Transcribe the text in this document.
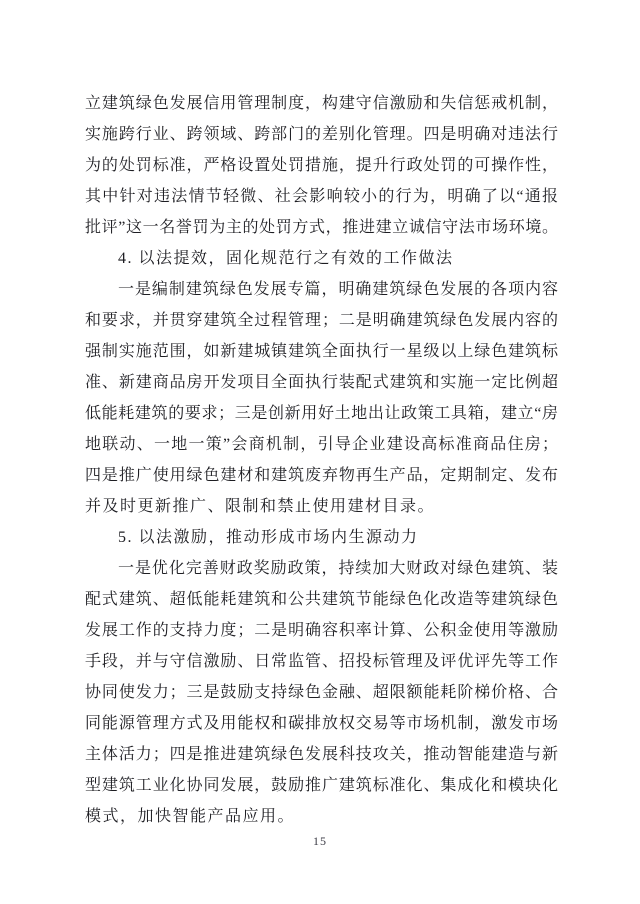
立建筑绿色发展信用管理制度，构建守信激励和失信惩戒机制，
实施跨行业、跨领域、跨部门的差别化管理。四是明确对违法行
为的处罚标准，严格设置处罚措施，提升行政处罚的可操作性，
其中针对违法情节轻微、社会影响较小的行为，明确了以“通报
批评”这一名誉罚为主的处罚方式，推进建立诚信守法市场环境。
4. 以法提效，固化规范行之有效的工作做法
一是编制建筑绿色发展专篇，明确建筑绿色发展的各项内容
和要求，并贯穿建筑全过程管理；二是明确建筑绿色发展内容的
强制实施范围，如新建城镇建筑全面执行一星级以上绿色建筑标
准、新建商品房开发项目全面执行装配式建筑和实施一定比例超
低能耗建筑的要求；三是创新用好土地出让政策工具箱，建立“房
地联动、一地一策”会商机制，引导企业建设高标准商品住房；
四是推广使用绿色建材和建筑废弃物再生产品，定期制定、发布
并及时更新推广、限制和禁止使用建材目录。
5. 以法激励，推动形成市场内生源动力
一是优化完善财政奖励政策，持续加大财政对绿色建筑、装
配式建筑、超低能耗建筑和公共建筑节能绿色化改造等建筑绿色
发展工作的支持力度；二是明确容积率计算、公积金使用等激励
手段，并与守信激励、日常监管、招投标管理及评优评先等工作
协同使发力；三是鼓励支持绿色金融、超限额能耗阶梯价格、合
同能源管理方式及用能权和碳排放权交易等市场机制，激发市场
主体活力；四是推进建筑绿色发展科技攻关，推动智能建造与新
型建筑工业化协同发展，鼓励推广建筑标准化、集成化和模块化
模式，加快智能产品应用。
15
